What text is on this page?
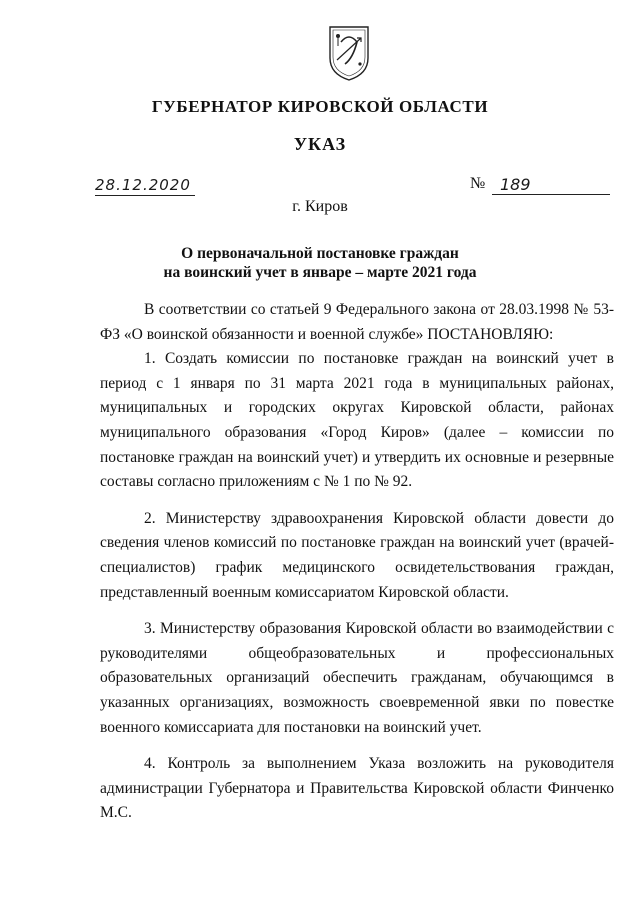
ГУБЕРНАТОР КИРОВСКОЙ ОБЛАСТИ
УКАЗ
28.12.2020	№ 189
г. Киров
О первоначальной постановке граждан
на воинский учет в январе – марте 2021 года

В соответствии со статьей 9 Федерального закона от 28.03.1998 № 53-ФЗ «О воинской обязанности и военной службе» ПОСТАНОВЛЯЮ:

1. Создать комиссии по постановке граждан на воинский учет в период с 1 января по 31 марта 2021 года в муниципальных районах, муниципальных и городских округах Кировской области, районах муниципального образования «Город Киров» (далее – комиссии по постановке граждан на воинский учет) и утвердить их основные и резервные составы согласно приложениям с № 1 по № 92.

2. Министерству здравоохранения Кировской области довести до сведения членов комиссий по постановке граждан на воинский учет (врачей-специалистов) график медицинского освидетельствования граждан, представленный военным комиссариатом Кировской области.

3. Министерству образования Кировской области во взаимодействии с руководителями общеобразовательных и профессиональных образовательных организаций обеспечить гражданам, обучающимся в указанных организациях, возможность своевременной явки по повестке военного комиссариата для постановки на воинский учет.

4. Контроль за выполнением Указа возложить на руководителя администрации Губернатора и Правительства Кировской области Финченко М.С.
